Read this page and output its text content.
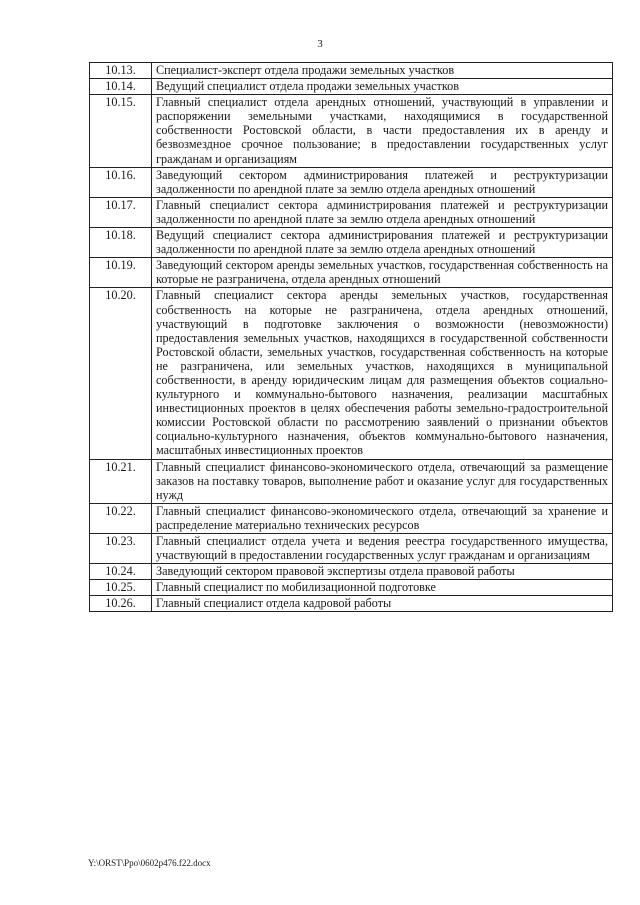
3
10.13.	Специалист-эксперт отдела продажи земельных участков
10.14.	Ведущий специалист отдела продажи земельных участков
10.15.	Главный специалист отдела арендных отношений, участвующий в управлении и распоряжении земельными участками, находящимися в государственной собственности Ростовской области, в части предоставления их в аренду и безвозмездное срочное пользование; в предоставлении государственных услуг гражданам и организациям
10.16.	Заведующий сектором администрирования платежей и реструктуризации задолженности по арендной плате за землю отдела арендных отношений
10.17.	Главный специалист сектора администрирования платежей и реструктуризации задолженности по арендной плате за землю отдела арендных отношений
10.18.	Ведущий специалист сектора администрирования платежей и реструктуризации задолженности по арендной плате за землю отдела арендных отношений
10.19.	Заведующий сектором аренды земельных участков, государственная собственность на которые не разграничена, отдела арендных отношений
10.20.	Главный специалист сектора аренды земельных участков, государственная собственность на которые не разграничена, отдела арендных отношений, участвующий в подготовке заключения о возможности (невозможности) предоставления земельных участков, находящихся в государственной собственности Ростовской области, земельных участков, государственная собственность на которые не разграничена, или земельных участков, находящихся в муниципальной собственности, в аренду юридическим лицам для размещения объектов социально-культурного и коммунально-бытового назначения, реализации масштабных инвестиционных проектов в целях обеспечения работы земельно-градостроительной комиссии Ростовской области по рассмотрению заявлений о признании объектов социально-культурного назначения, объектов коммунально-бытового назначения, масштабных инвестиционных проектов
10.21.	Главный специалист финансово-экономического отдела, отвечающий за размещение заказов на поставку товаров, выполнение работ и оказание услуг для государственных нужд
10.22.	Главный специалист финансово-экономического отдела, отвечающий за хранение и распределение материально технических ресурсов
10.23.	Главный специалист отдела учета и ведения реестра государственного имущества, участвующий в предоставлении государственных услуг гражданам и организациям
10.24.	Заведующий сектором правовой экспертизы отдела правовой работы
10.25.	Главный специалист по мобилизационной подготовке
10.26.	Главный специалист отдела кадровой работы
Y:\ORST\Ppo\0602p476.f22.docx
